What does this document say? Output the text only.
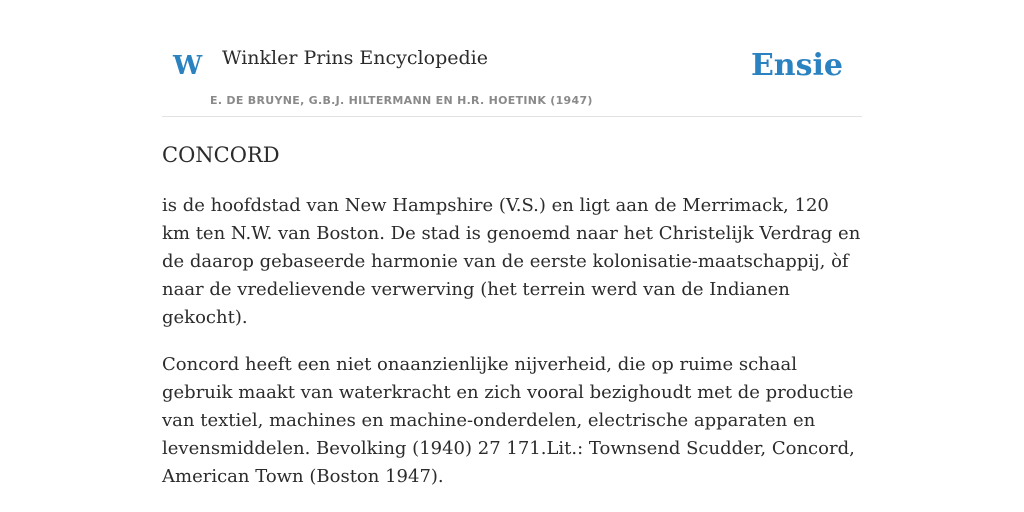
W Winkler Prins Encyclopedie
E. DE BRUYNE, G.B.J. HILTERMANN EN H.R. HOETINK (1947)
Ensie
CONCORD

is de hoofdstad van New Hampshire (V.S.) en ligt aan de Merrimack, 120 km ten N.W. van Boston. De stad is genoemd naar het Christelijk Verdrag en de daarop gebaseerde harmonie van de eerste kolonisatie-maatschappij, òf naar de vredelievende verwerving (het terrein werd van de Indianen gekocht).

Concord heeft een niet onaanzienlijke nijverheid, die op ruime schaal gebruik maakt van waterkracht en zich vooral bezighoudt met de productie van textiel, machines en machine-onderdelen, electrische apparaten en levensmiddelen. Bevolking (1940) 27 171.Lit.: Townsend Scudder, Concord, American Town (Boston 1947).
